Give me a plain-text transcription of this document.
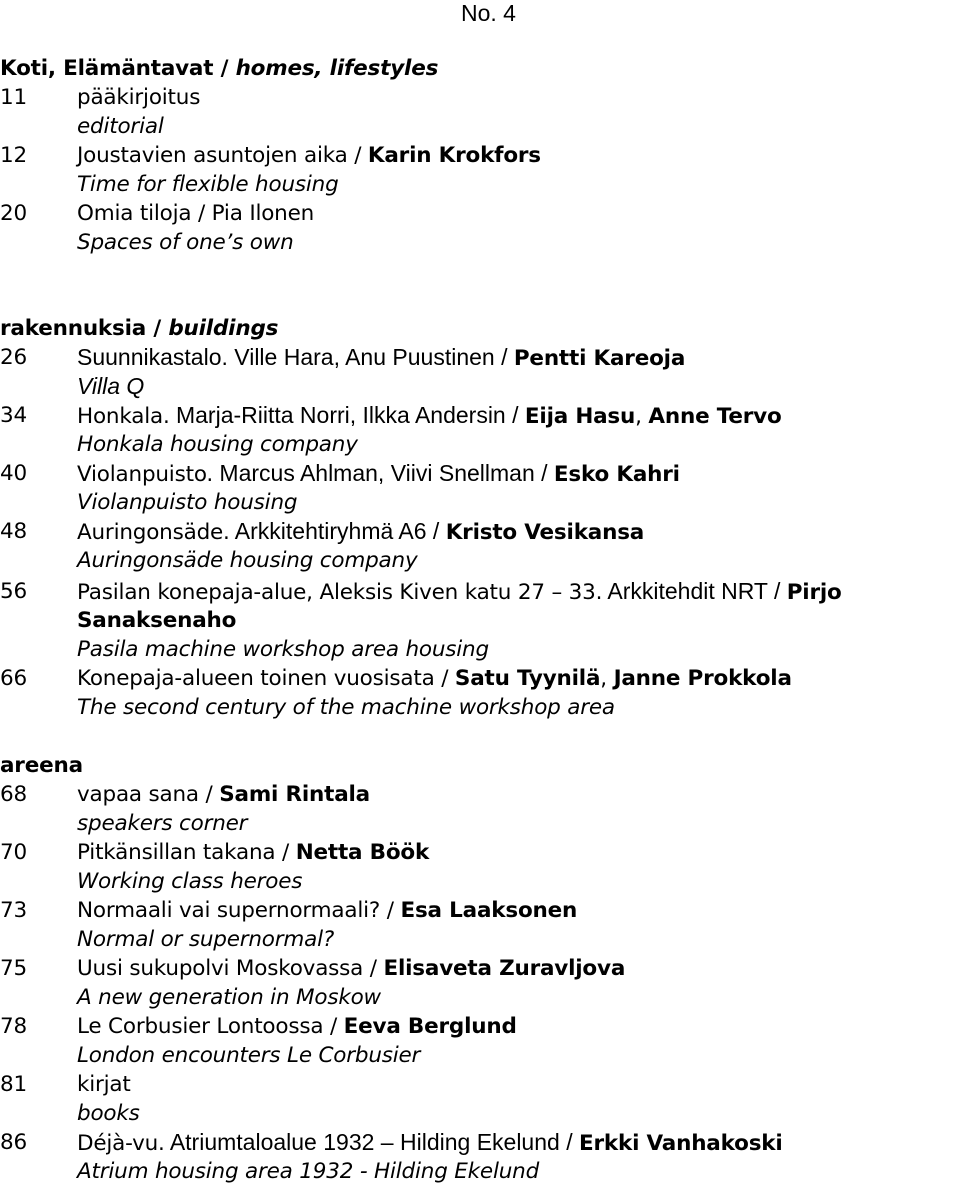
No. 4
Koti, Elämäntavat / homes, lifestyles
11 pääkirjoitus
editorial
12 Joustavien asuntojen aika / Karin Krokfors
Time for flexible housing
20 Omia tiloja / Pia Ilonen
Spaces of one’s own
rakennuksia / buildings
26 Suunnikastalo. Ville Hara, Anu Puustinen / Pentti Kareoja
Villa Q
34 Honkala. Marja-Riitta Norri, Ilkka Andersin / Eija Hasu, Anne Tervo
Honkala housing company
40 Violanpuisto. Marcus Ahlman, Viivi Snellman / Esko Kahri
Violanpuisto housing
48 Auringonsäde. Arkkitehtiryhmä A6 / Kristo Vesikansa
Auringonsäde housing company
56 Pasilan konepaja-alue, Aleksis Kiven katu 27 – 33. Arkkitehdit NRT / Pirjo
Sanaksenaho
Pasila machine workshop area housing
66 Konepaja-alueen toinen vuosisata / Satu Tyynilä, Janne Prokkola
The second century of the machine workshop area
areena
68 vapaa sana / Sami Rintala
speakers corner
70 Pitkänsillan takana / Netta Böök
Working class heroes
73 Normaali vai supernormaali? / Esa Laaksonen
Normal or supernormal?
75 Uusi sukupolvi Moskovassa / Elisaveta Zuravljova
A new generation in Moskow
78 Le Corbusier Lontoossa / Eeva Berglund
London encounters Le Corbusier
81 kirjat
books
86 Déjà-vu. Atriumtaloalue 1932 – Hilding Ekelund / Erkki Vanhakoski
Atrium housing area 1932 - Hilding Ekelund
